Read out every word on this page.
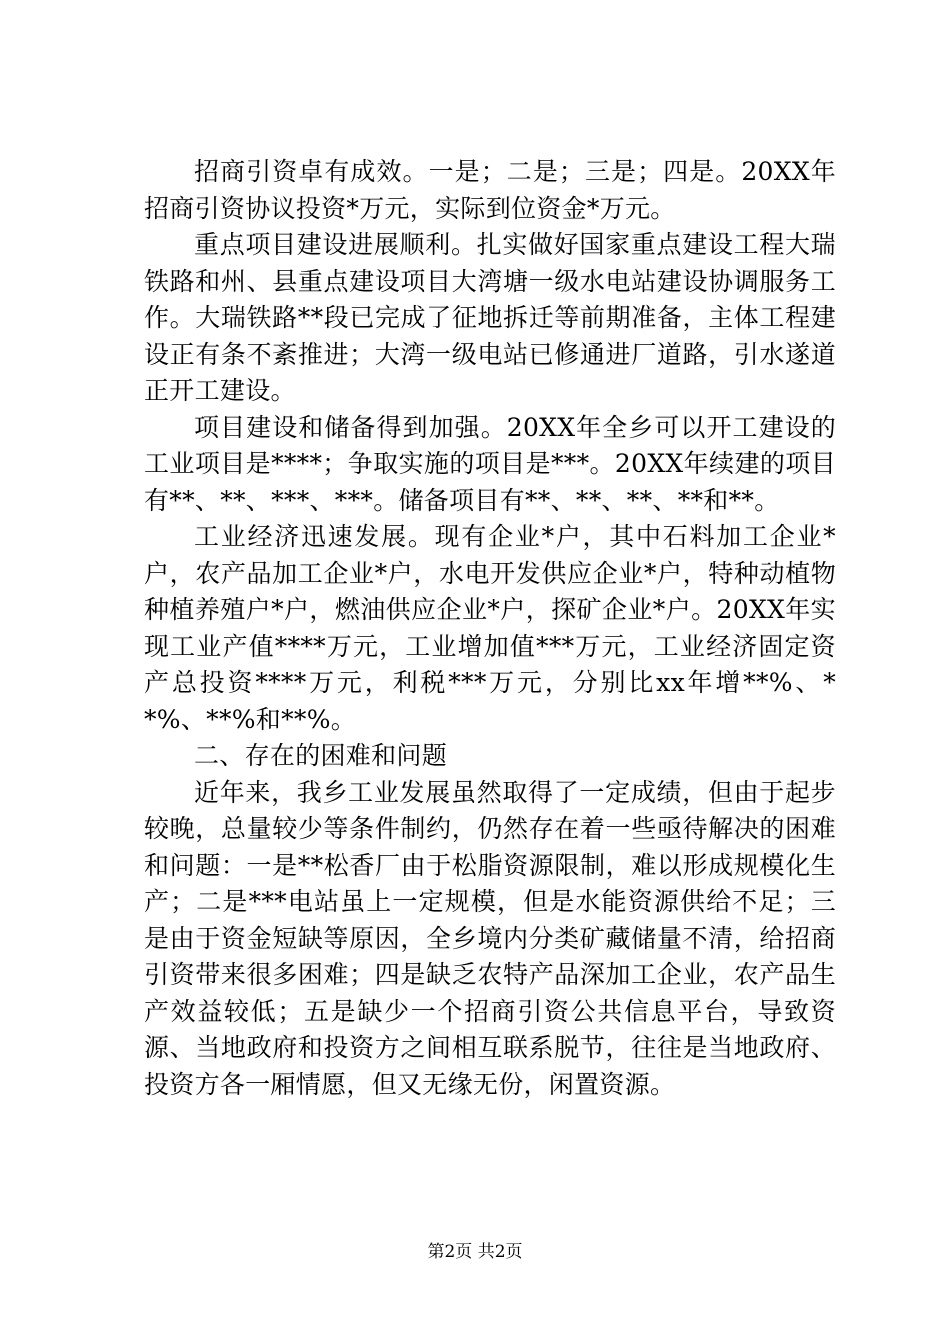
招商引资卓有成效。一是；二是；三是；四是。20XX年招商引资协议投资*万元，实际到位资金*万元。

重点项目建设进展顺利。扎实做好国家重点建设工程大瑞铁路和州、县重点建设项目大湾塘一级水电站建设协调服务工作。大瑞铁路**段已完成了征地拆迁等前期准备，主体工程建设正有条不紊推进；大湾一级电站已修通进厂道路，引水遂道正开工建设。

项目建设和储备得到加强。20XX年全乡可以开工建设的工业项目是****；争取实施的项目是***。20XX年续建的项目有**、**、***、***。储备项目有**、**、**、**和**。

工业经济迅速发展。现有企业*户，其中石料加工企业*户，农产品加工企业*户，水电开发供应企业*户，特种动植物种植养殖户*户，燃油供应企业*户，探矿企业*户。20XX年实现工业产值****万元，工业增加值***万元，工业经济固定资产总投资****万元，利税***万元，分别比xx年增**%、**%、**%和**%。

二、存在的困难和问题

近年来，我乡工业发展虽然取得了一定成绩，但由于起步较晚，总量较少等条件制约，仍然存在着一些亟待解决的困难和问题：一是**松香厂由于松脂资源限制，难以形成规模化生产；二是***电站虽上一定规模，但是水能资源供给不足；三是由于资金短缺等原因，全乡境内分类矿藏储量不清，给招商引资带来很多困难；四是缺乏农特产品深加工企业，农产品生产效益较低；五是缺少一个招商引资公共信息平台，导致资源、当地政府和投资方之间相互联系脱节，往往是当地政府、投资方各一厢情愿，但又无缘无份，闲置资源。

第2页 共2页
